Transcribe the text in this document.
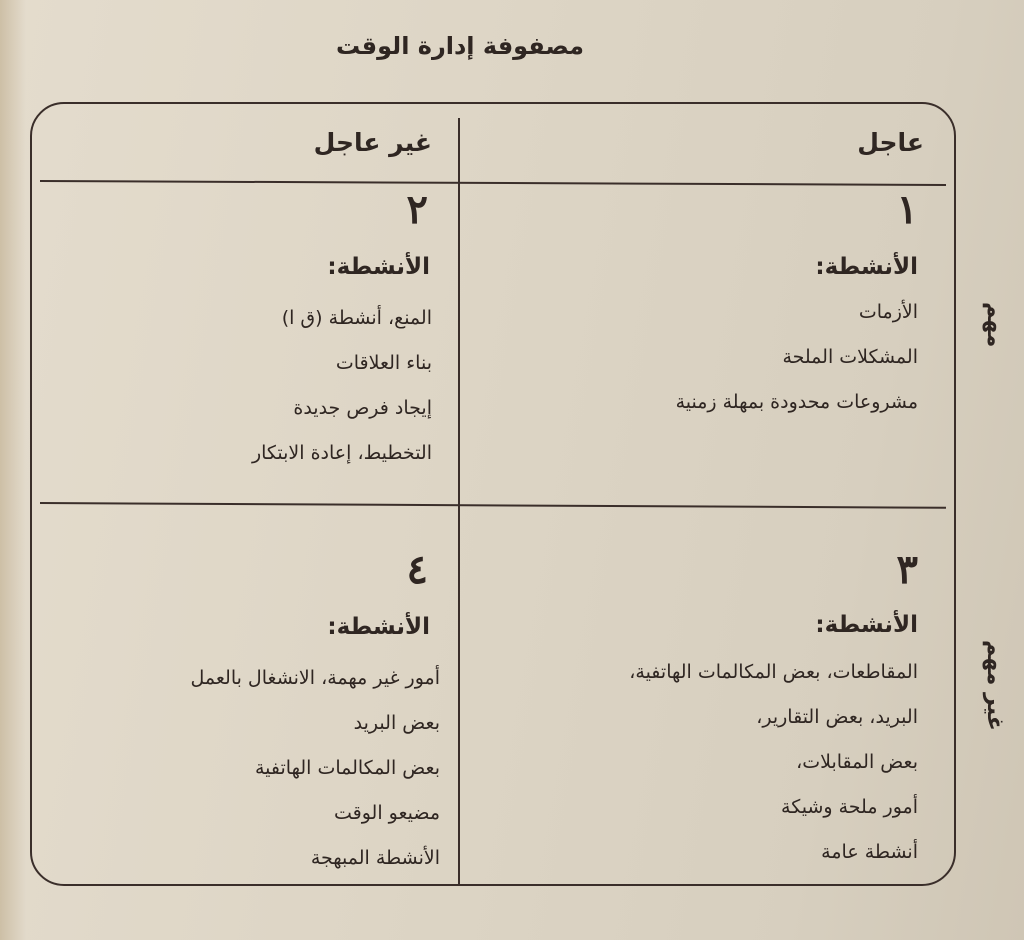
مصفوفة إدارة الوقت
عاجل
غير عاجل
مهم
غير مهم
١
الأنشطة:
الأزمات
المشكلات الملحة
مشروعات محدودة بمهلة زمنية
٢
الأنشطة:
المنع، أنشطة (ق ا)
بناء العلاقات
إيجاد فرص جديدة
التخطيط، إعادة الابتكار
٣
الأنشطة:
المقاطعات، بعض المكالمات الهاتفية،
البريد، بعض التقارير،
بعض المقابلات،
أمور ملحة وشيكة
أنشطة عامة
٤
الأنشطة:
أمور غير مهمة، الانشغال بالعمل
بعض البريد
بعض المكالمات الهاتفية
مضيعو الوقت
الأنشطة المبهجة
